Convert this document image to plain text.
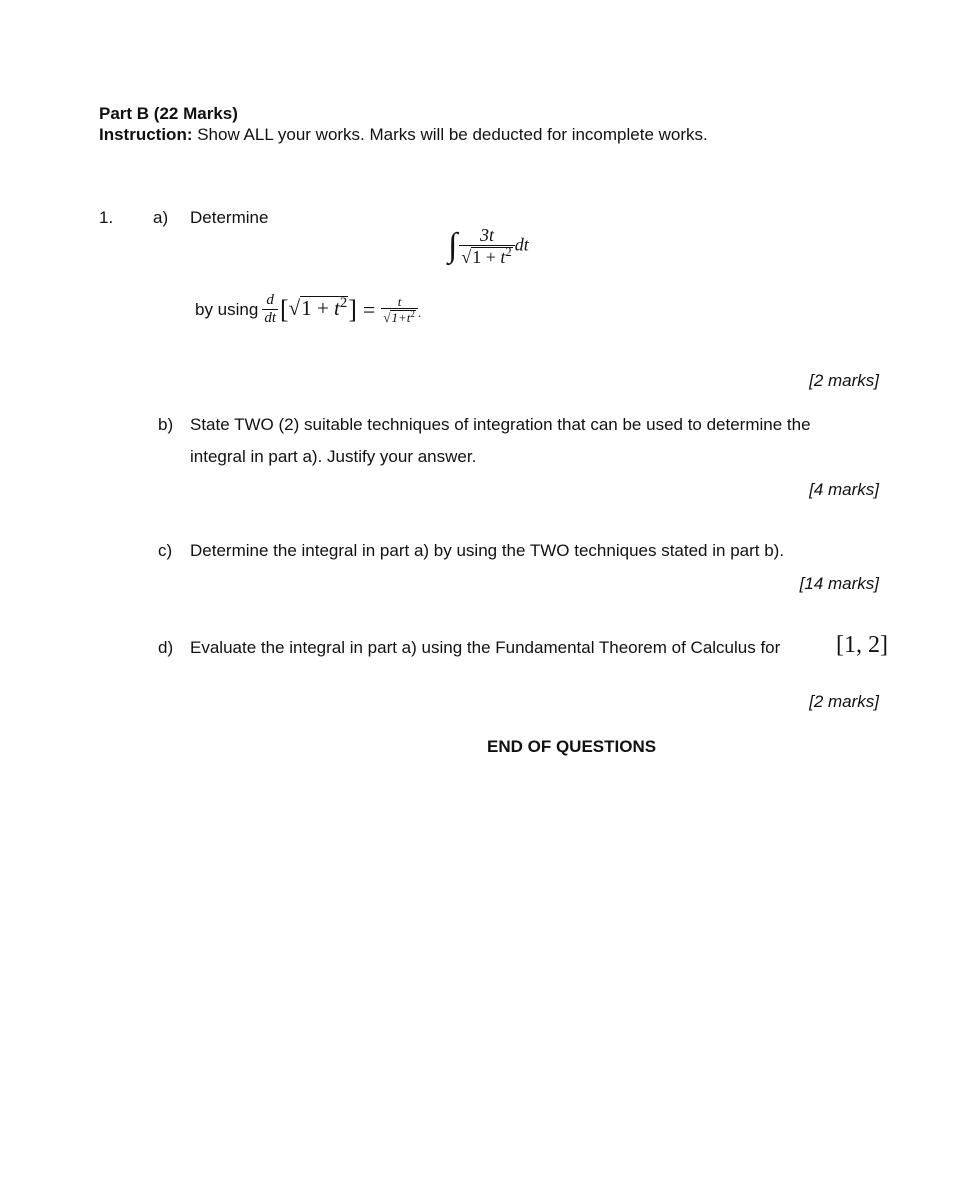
Part B (22 Marks)
Instruction: Show ALL your works. Marks will be deducted for incomplete works.
1. a) Determine
∫ $\frac{3t}{√ 1 + t^2}$ dt
by using $\frac{d}{dt}$ [√ $1 + t^2$ ] = $\frac{t}{√ 1+t^2}$ .
[2 marks]
b) State TWO (2) suitable techniques of integration that can be used to determine the
integral in part a). Justify your answer.
[4 marks]
c) Determine the integral in part a) by using the TWO techniques stated in part b).
[14 marks]
d) Evaluate the integral in part a) using the Fundamental Theorem of Calculus for [1, 2]
[2 marks]
END OF QUESTIONS
